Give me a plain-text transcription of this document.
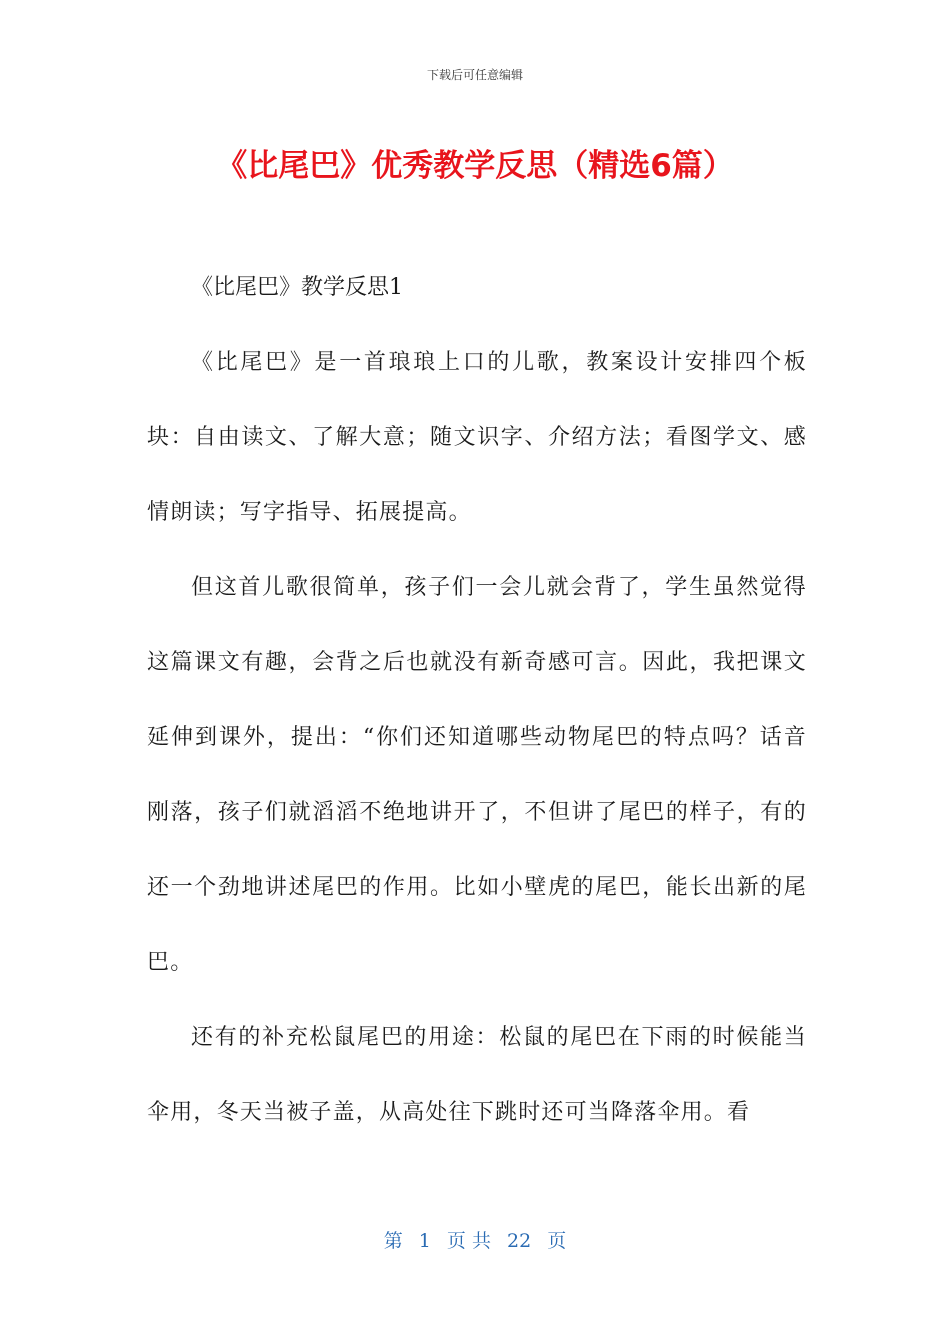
下载后可任意编辑
《比尾巴》优秀教学反思（精选6篇）

《比尾巴》教学反思1

《比尾巴》是一首琅琅上口的儿歌，教案设计安排四个板块：自由读文、了解大意；随文识字、介绍方法；看图学文、感情朗读；写字指导、拓展提高。

但这首儿歌很简单，孩子们一会儿就会背了，学生虽然觉得这篇课文有趣，会背之后也就没有新奇感可言。因此，我把课文延伸到课外，提出：“你们还知道哪些动物尾巴的特点吗？话音刚落，孩子们就滔滔不绝地讲开了，不但讲了尾巴的样子，有的还一个劲地讲述尾巴的作用。比如小壁虎的尾巴，能长出新的尾巴。

还有的补充松鼠尾巴的用途：松鼠的尾巴在下雨的时候能当伞用，冬天当被子盖，从高处往下跳时还可当降落伞用。看

第 1 页 共 22 页
